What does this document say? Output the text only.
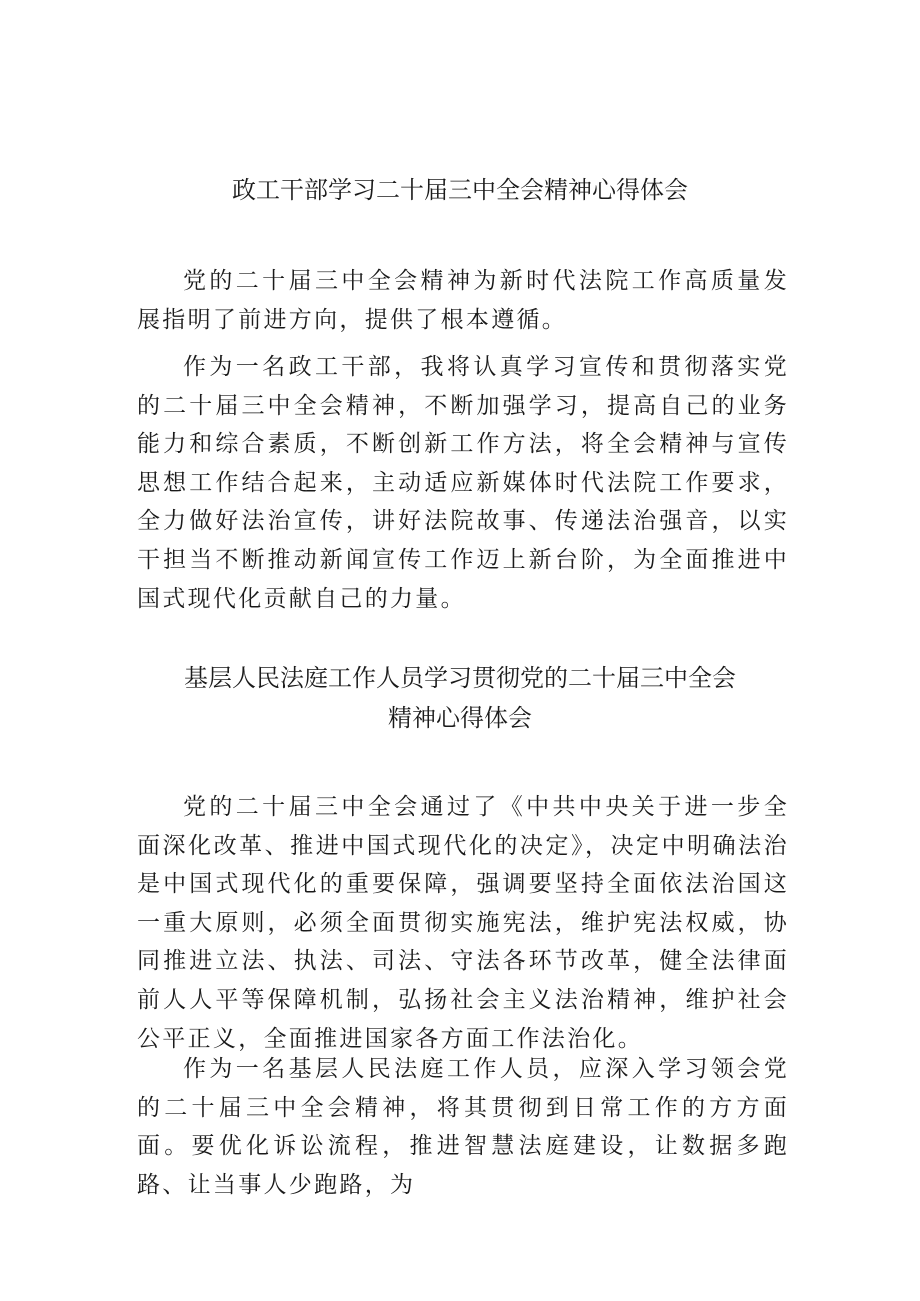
政工干部学习二十届三中全会精神心得体会

党的二十届三中全会精神为新时代法院工作高质量发展指明了前进方向，提供了根本遵循。

作为一名政工干部，我将认真学习宣传和贯彻落实党的二十届三中全会精神，不断加强学习，提高自己的业务能力和综合素质，不断创新工作方法，将全会精神与宣传思想工作结合起来，主动适应新媒体时代法院工作要求，全力做好法治宣传，讲好法院故事、传递法治强音，以实干担当不断推动新闻宣传工作迈上新台阶，为全面推进中国式现代化贡献自己的力量。

基层人民法庭工作人员学习贯彻党的二十届三中全会
精神心得体会

党的二十届三中全会通过了《中共中央关于进一步全面深化改革、推进中国式现代化的决定》，决定中明确法治是中国式现代化的重要保障，强调要坚持全面依法治国这一重大原则，必须全面贯彻实施宪法，维护宪法权威，协同推进立法、执法、司法、守法各环节改革，健全法律面前人人平等保障机制，弘扬社会主义法治精神，维护社会公平正义，全面推进国家各方面工作法治化。

作为一名基层人民法庭工作人员，应深入学习领会党的二十届三中全会精神，将其贯彻到日常工作的方方面面。要优化诉讼流程，推进智慧法庭建设，让数据多跑路、让当事人少跑路，为
